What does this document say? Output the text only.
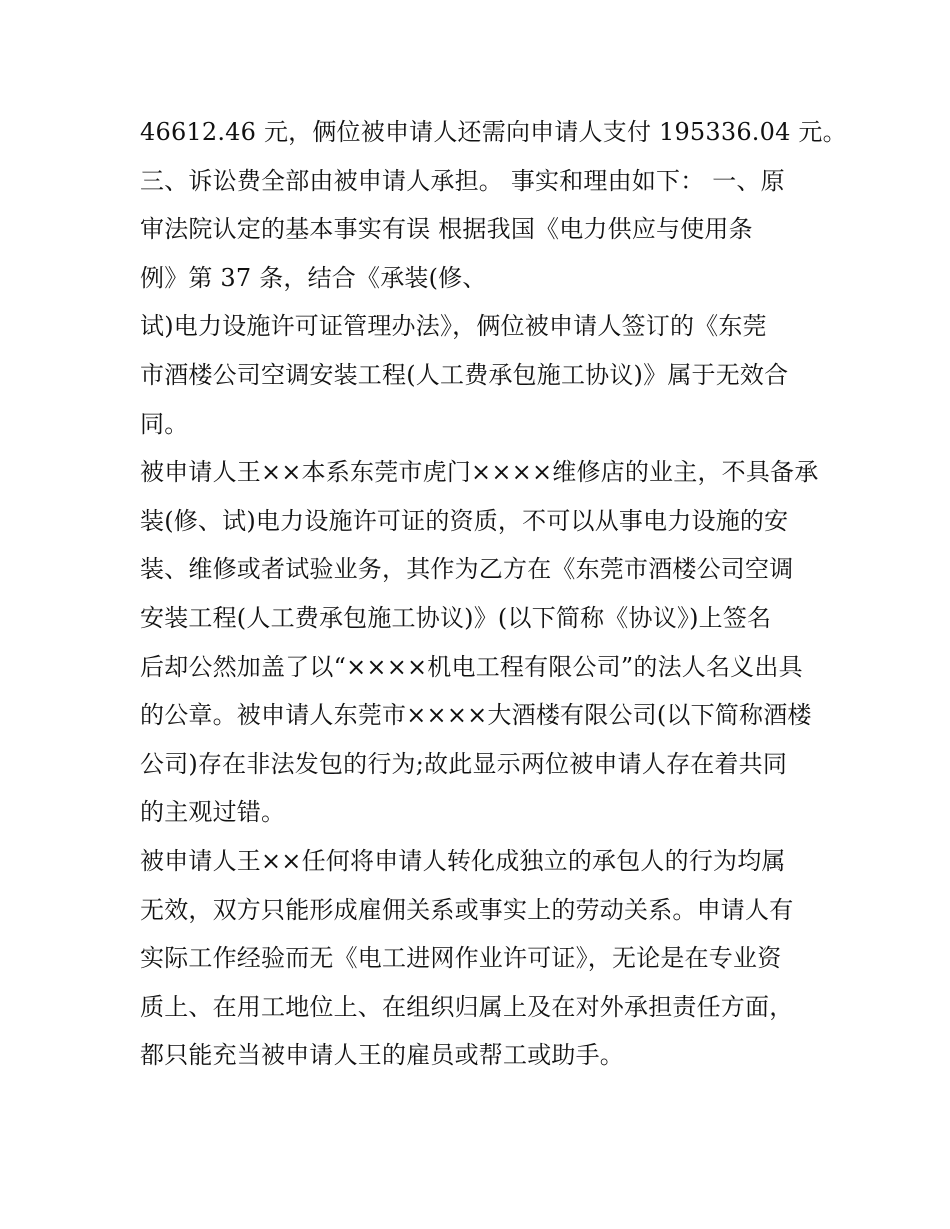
46612.46 元，俩位被申请人还需向申请人支付 195336.04 元。
三、诉讼费全部由被申请人承担。 事实和理由如下： 一、原
审法院认定的基本事实有误 根据我国《电力供应与使用条
例》第 37 条，结合《承装(修、
试)电力设施许可证管理办法》，俩位被申请人签订的《东莞
市酒楼公司空调安装工程(人工费承包施工协议)》属于无效合
同。
被申请人王××本系东莞市虎门××××维修店的业主，不具备承
装(修、试)电力设施许可证的资质，不可以从事电力设施的安
装、维修或者试验业务，其作为乙方在《东莞市酒楼公司空调
安装工程(人工费承包施工协议)》(以下简称《协议》)上签名
后却公然加盖了以“××××机电工程有限公司”的法人名义出具
的公章。被申请人东莞市××××大酒楼有限公司(以下简称酒楼
公司)存在非法发包的行为;故此显示两位被申请人存在着共同
的主观过错。
被申请人王××任何将申请人转化成独立的承包人的行为均属
无效，双方只能形成雇佣关系或事实上的劳动关系。申请人有
实际工作经验而无《电工进网作业许可证》，无论是在专业资
质上、在用工地位上、在组织归属上及在对外承担责任方面，
都只能充当被申请人王的雇员或帮工或助手。
